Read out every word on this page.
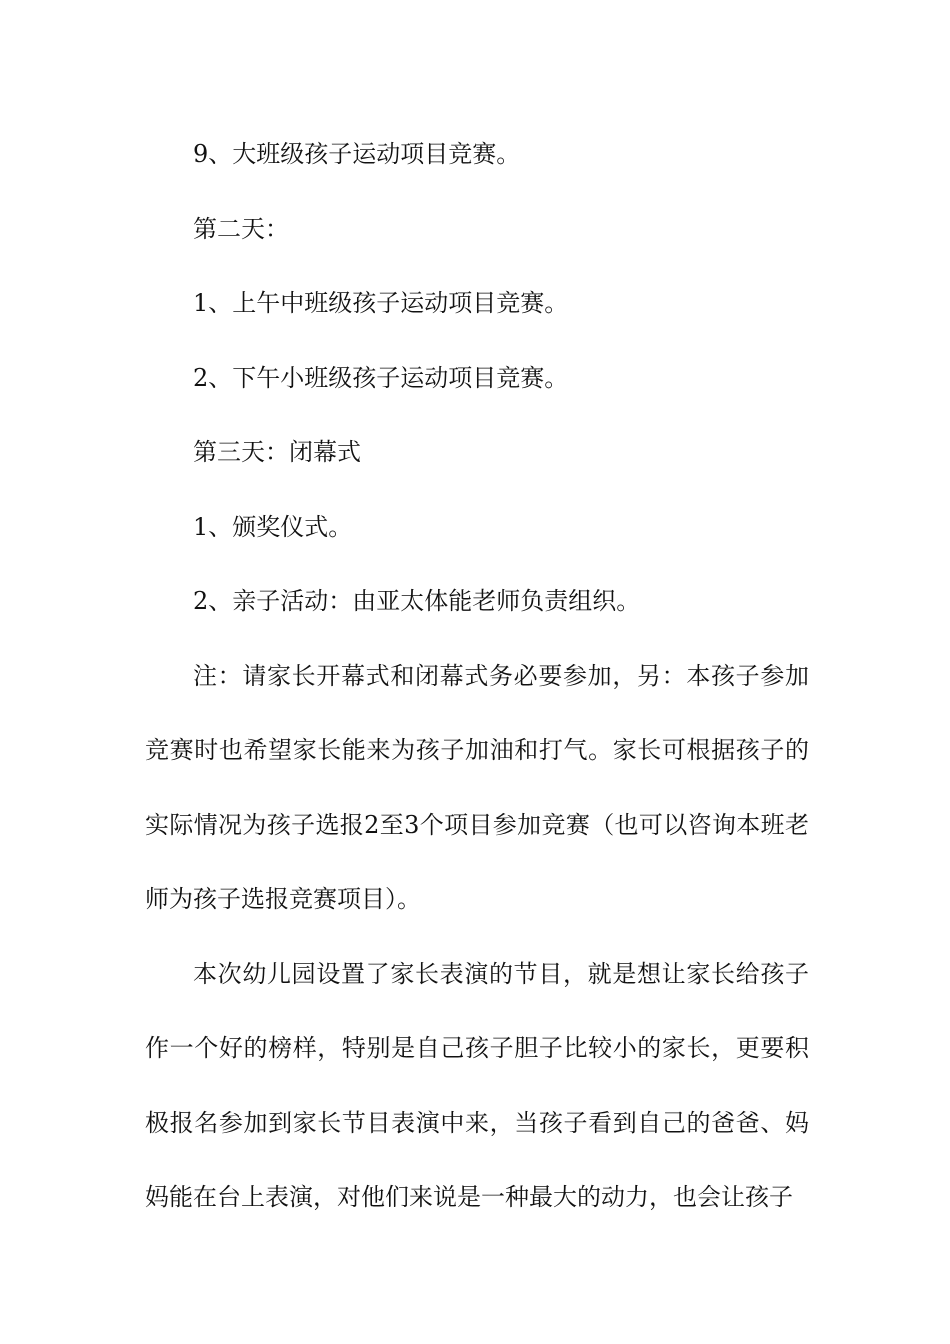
9、大班级孩子运动项目竞赛。

第二天：

1、上午中班级孩子运动项目竞赛。

2、下午小班级孩子运动项目竞赛。

第三天：闭幕式

1、颁奖仪式。

2、亲子活动：由亚太体能老师负责组织。

注：请家长开幕式和闭幕式务必要参加，另：本孩子参加竞赛时也希望家长能来为孩子加油和打气。家长可根据孩子的实际情况为孩子选报2至3个项目参加竞赛（也可以咨询本班老师为孩子选报竞赛项目）。

本次幼儿园设置了家长表演的节目，就是想让家长给孩子作一个好的榜样，特别是自己孩子胆子比较小的家长，更要积极报名参加到家长节目表演中来，当孩子看到自己的爸爸、妈妈能在台上表演，对他们来说是一种最大的动力，也会让孩子
